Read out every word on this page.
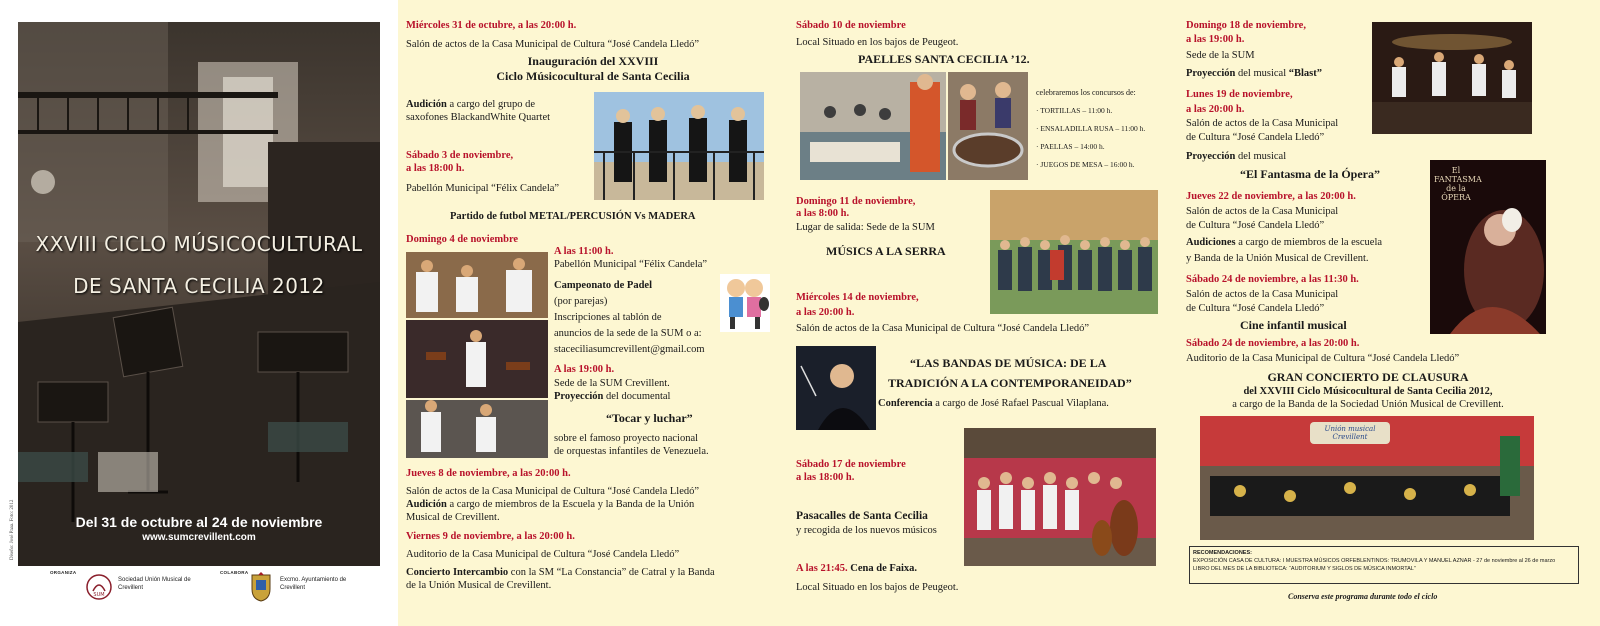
XXVIII CICLO MÚSICOCULTURAL
DE SANTA CECILIA 2012
Del 31 de octubre al 24 de noviembre
www.sumcrevillent.com
Diseño: José Paaa. Foto: 2012
ORGANIZA
SUM
Sociedad Unión Musical de Crevillent
COLABORA
Excmo. Ayuntamiento de Crevillent
Miércoles 31 de octubre, a las 20:00 h.
Salón de actos de la Casa Municipal de Cultura “José Candela Lledó”
Inauguración del XXVIII
Ciclo Músicocultural de Santa Cecilia
Audición a cargo del grupo de
saxofones BlackandWhite Quartet
Sábado 3 de noviembre,
a las 18:00 h.
Pabellón Municipal “Félix Candela”
Partido de futbol METAL/PERCUSIÓN Vs MADERA
Domingo 4 de noviembre
A las 11:00 h.
Pabellón Municipal “Félix Candela”
Campeonato de Padel
(por parejas)
Inscripciones al tablón de
anuncios de la sede de la SUM o a:
staceciliasumcrevillent@gmail.com
A las 19:00 h.
Sede de la SUM Crevillent.
Proyección del documental
“Tocar y luchar”
sobre el famoso proyecto nacional
de orquestas infantiles de Venezuela.
Jueves 8 de noviembre, a las 20:00 h.
Salón de actos de la Casa Municipal de Cultura “José Candela Lledó”
Audición a cargo de miembros de la Escuela y la Banda de la Unión
Musical de Crevillent.
Viernes 9 de noviembre, a las 20:00 h.
Auditorio de la Casa Municipal de Cultura “José Candela Lledó”
Concierto Intercambio con la SM “La Constancia” de Catral y la Banda
de la Unión Musical de Crevillent.
Sábado 10 de noviembre
Local Situado en los bajos de Peugeot.
PAELLES SANTA CECILIA ’12.
celebraremos los concursos de:
· TORTILLAS – 11:00 h.
· ENSALADILLA RUSA – 11:00 h.
· PAELLAS – 14:00 h.
· JUEGOS DE MESA – 16:00 h.
Domingo 11 de noviembre,
a las 8:00 h.
Lugar de salida: Sede de la SUM
MÚSICS A LA SERRA
Miércoles 14 de noviembre,
a las 20:00 h.
Salón de actos de la Casa Municipal de Cultura “José Candela Lledó”
“LAS BANDAS DE MÚSICA: DE LA
TRADICIÓN A LA CONTEMPORANEIDAD”
Conferencia a cargo de José Rafael Pascual Vilaplana.
Sábado 17 de noviembre
a las 18:00 h.
Pasacalles de Santa Cecilia
y recogida de los nuevos músicos
A las 21:45. Cena de Faixa.
Local Situado en los bajos de Peugeot.
Domingo 18 de noviembre,
a las 19:00 h.
Sede de la SUM
Proyección del musical “Blast”
Lunes 19 de noviembre,
a las 20:00 h.
Salón de actos de la Casa Municipal
de Cultura “José Candela Lledó”
Proyección del musical
“El Fantasma de la Ópera”	El FANTASMA de la ÓPERA
Jueves 22 de noviembre, a las 20:00 h.
Salón de actos de la Casa Municipal
de Cultura “José Candela Lledó”
Audiciones a cargo de miembros de la escuela
y Banda de la Unión Musical de Crevillent.
Sábado 24 de noviembre, a las 11:30 h.
Salón de actos de la Casa Municipal
de Cultura “José Candela Lledó”
Cine infantil musical
Sábado 24 de noviembre, a las 20:00 h.
Auditorio de la Casa Municipal de Cultura “José Candela Lledó”
GRAN CONCIERTO DE CLAUSURA
del XXVIII Ciclo Músicocultural de Santa Cecilia 2012,
a cargo de la Banda de la Sociedad Unión Musical de Crevillent.
Unión musical Crevillent
RECOMENDACIONES:
EXPOSICIÓN CASA DE CULTURA: I MUESTRA MÚSICOS ORFEBLENTINOS: TRUMOVILA Y MANUEL AZNAR - 27 de noviembre al 26 de marzo
LIBRO DEL MES DE LA BIBLIOTECA: “AUDITORIUM Y SIGLOS DE MÚSICA INMORTAL”
Conserva este programa durante todo el ciclo
